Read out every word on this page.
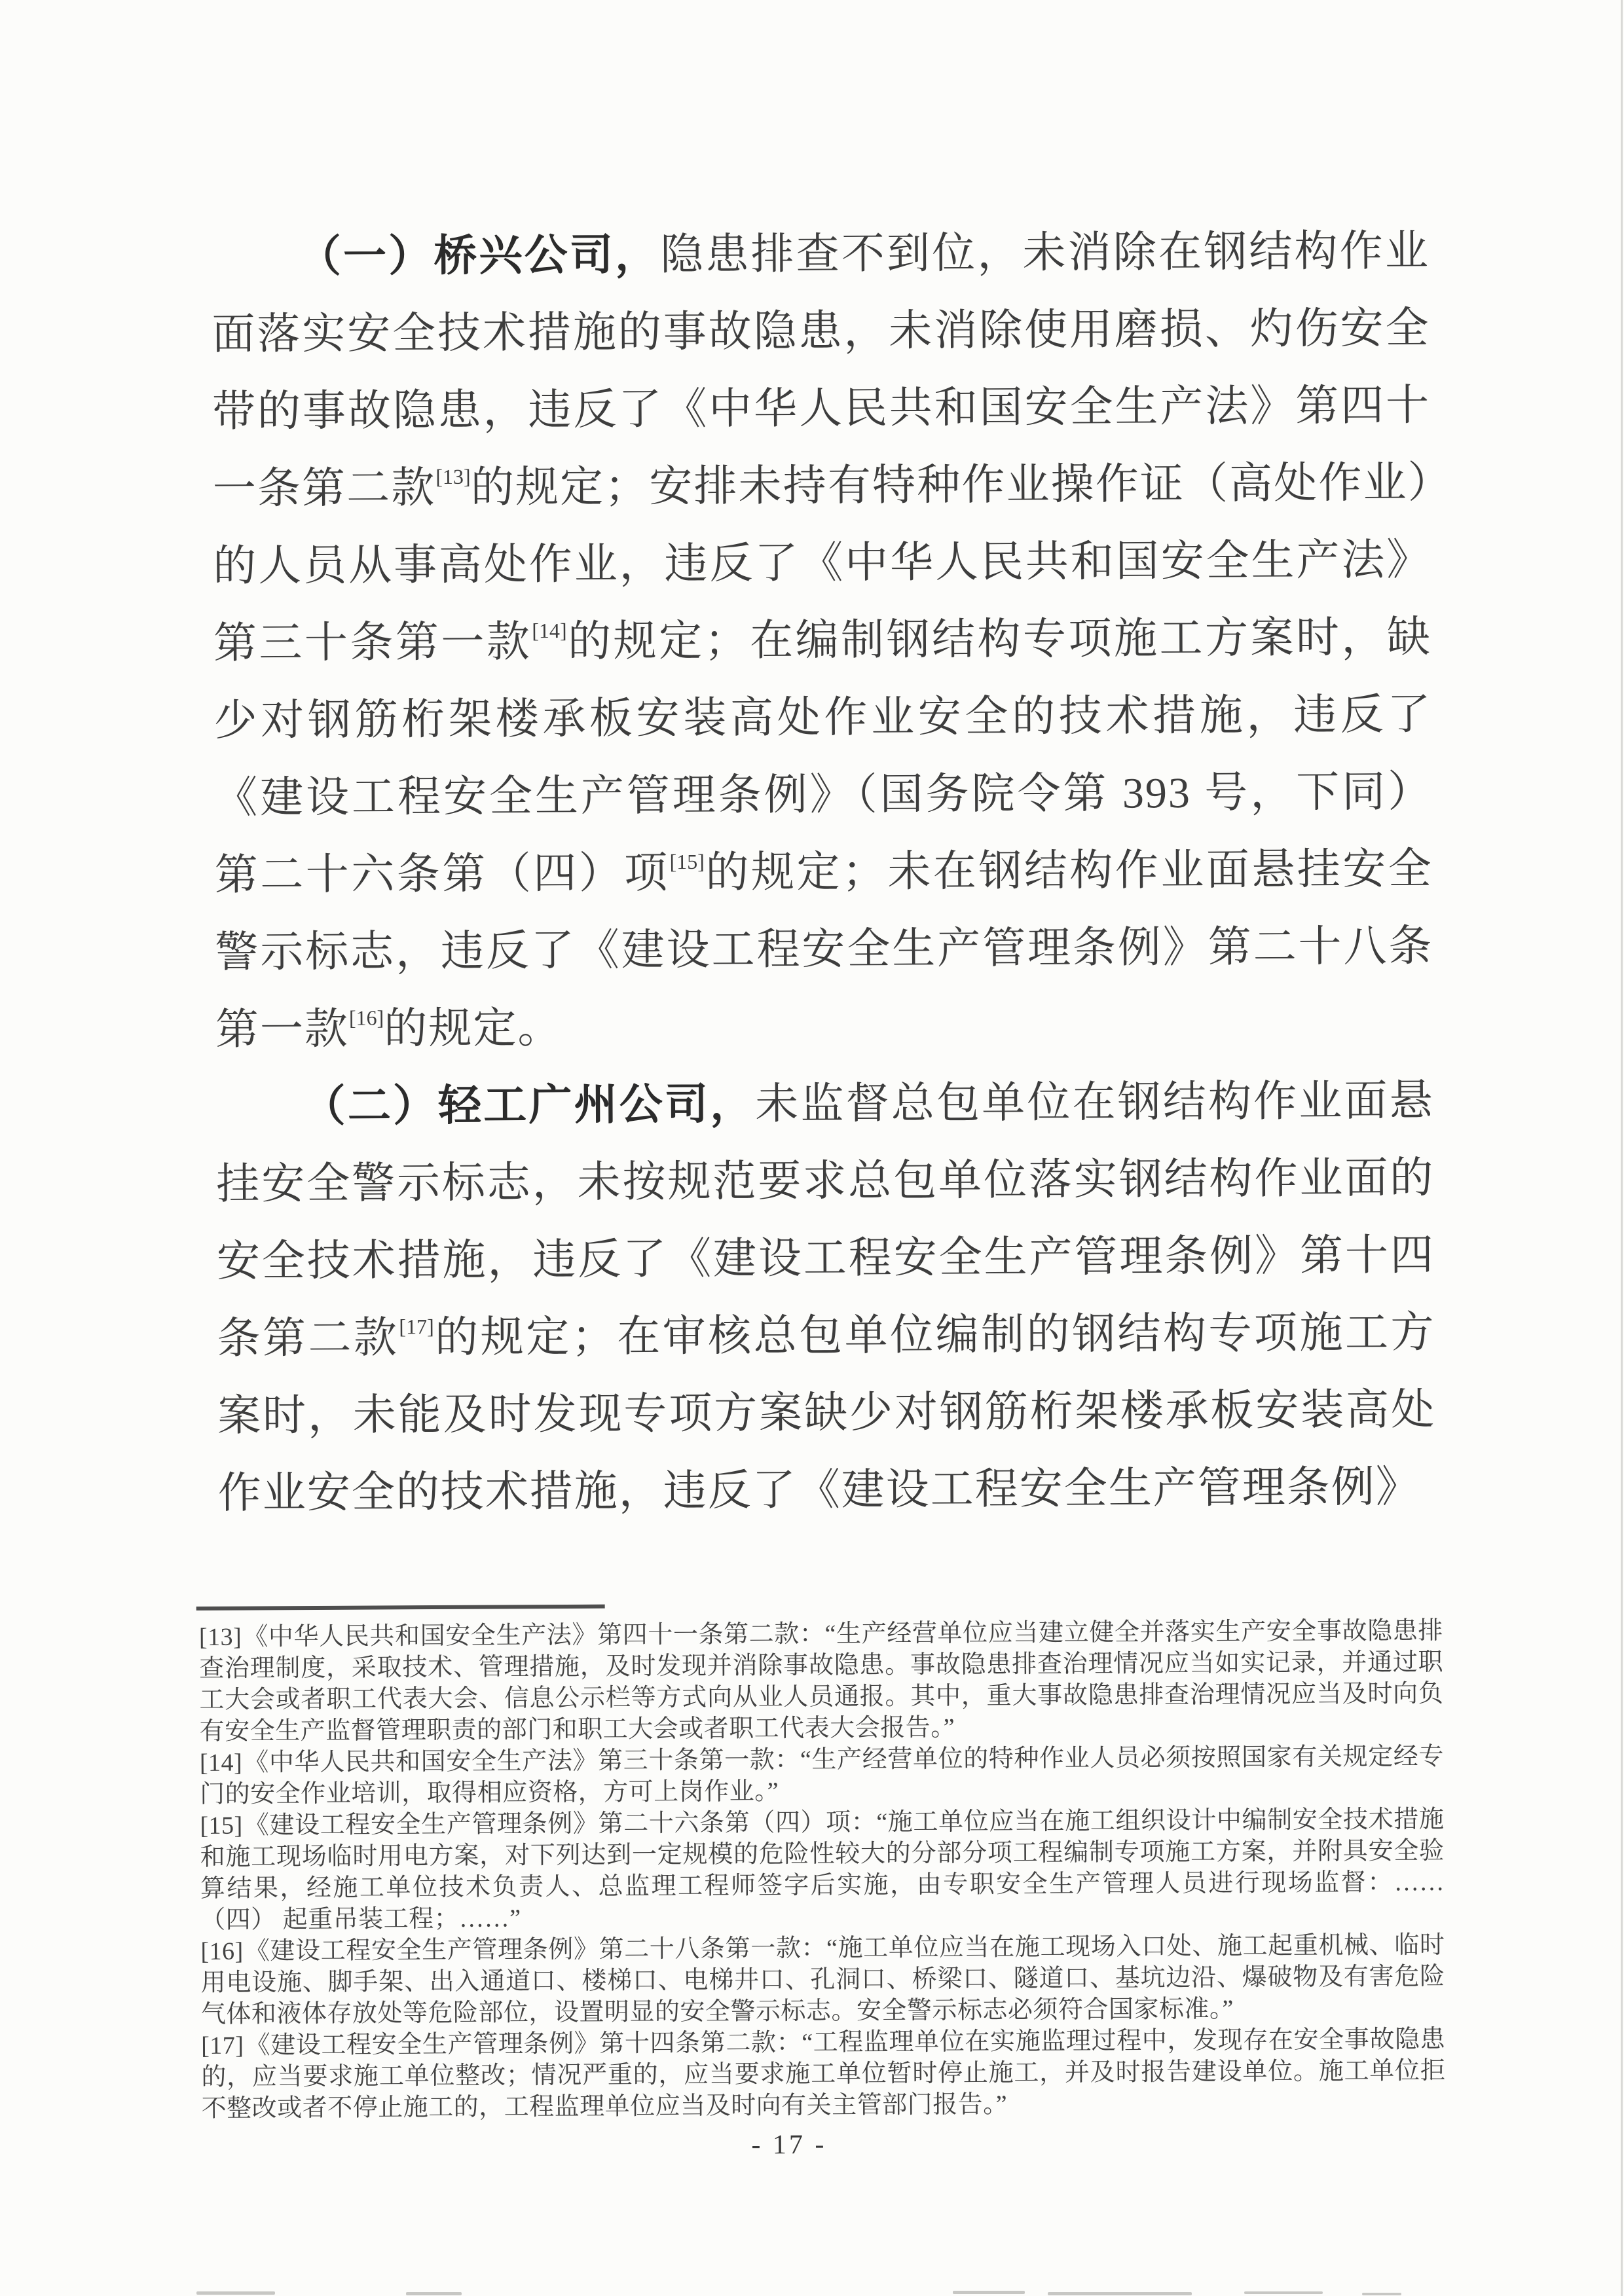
（一）桥兴公司，隐患排查不到位，未消除在钢结构作业面落实安全技术措施的事故隐患，未消除使用磨损、灼伤安全带的事故隐患，违反了《中华人民共和国安全生产法》第四十一条第二款[13]的规定；安排未持有特种作业操作证（高处作业）的人员从事高处作业，违反了《中华人民共和国安全生产法》第三十条第一款[14]的规定；在编制钢结构专项施工方案时，缺少对钢筋桁架楼承板安装高处作业安全的技术措施，违反了《建设工程安全生产管理条例》（国务院令第 393 号，下同）第二十六条第（四）项[15]的规定；未在钢结构作业面悬挂安全警示标志，违反了《建设工程安全生产管理条例》第二十八条第一款[16]的规定。

（二）轻工广州公司，未监督总包单位在钢结构作业面悬挂安全警示标志，未按规范要求总包单位落实钢结构作业面的安全技术措施，违反了《建设工程安全生产管理条例》第十四条第二款[17]的规定；在审核总包单位编制的钢结构专项施工方案时，未能及时发现专项方案缺少对钢筋桁架楼承板安装高处作业安全的技术措施，违反了《建设工程安全生产管理条例》

[13]《中华人民共和国安全生产法》第四十一条第二款：“生产经营单位应当建立健全并落实生产安全事故隐患排查治理制度，采取技术、管理措施，及时发现并消除事故隐患。事故隐患排查治理情况应当如实记录，并通过职工大会或者职工代表大会、信息公示栏等方式向从业人员通报。其中，重大事故隐患排查治理情况应当及时向负有安全生产监督管理职责的部门和职工大会或者职工代表大会报告。”

[14]《中华人民共和国安全生产法》第三十条第一款：“生产经营单位的特种作业人员必须按照国家有关规定经专门的安全作业培训，取得相应资格，方可上岗作业。”

[15]《建设工程安全生产管理条例》第二十六条第（四）项：“施工单位应当在施工组织设计中编制安全技术措施和施工现场临时用电方案，对下列达到一定规模的危险性较大的分部分项工程编制专项施工方案，并附具安全验算结果，经施工单位技术负责人、总监理工程师签字后实施，由专职安全生产管理人员进行现场监督：……（四） 起重吊装工程；……”

[16]《建设工程安全生产管理条例》第二十八条第一款：“施工单位应当在施工现场入口处、施工起重机械、临时用电设施、脚手架、出入通道口、楼梯口、电梯井口、孔洞口、桥梁口、隧道口、基坑边沿、爆破物及有害危险气体和液体存放处等危险部位，设置明显的安全警示标志。安全警示标志必须符合国家标准。”

[17]《建设工程安全生产管理条例》第十四条第二款：“工程监理单位在实施监理过程中，发现存在安全事故隐患的，应当要求施工单位整改；情况严重的，应当要求施工单位暂时停止施工，并及时报告建设单位。施工单位拒不整改或者不停止施工的，工程监理单位应当及时向有关主管部门报告。”

- 17 -
